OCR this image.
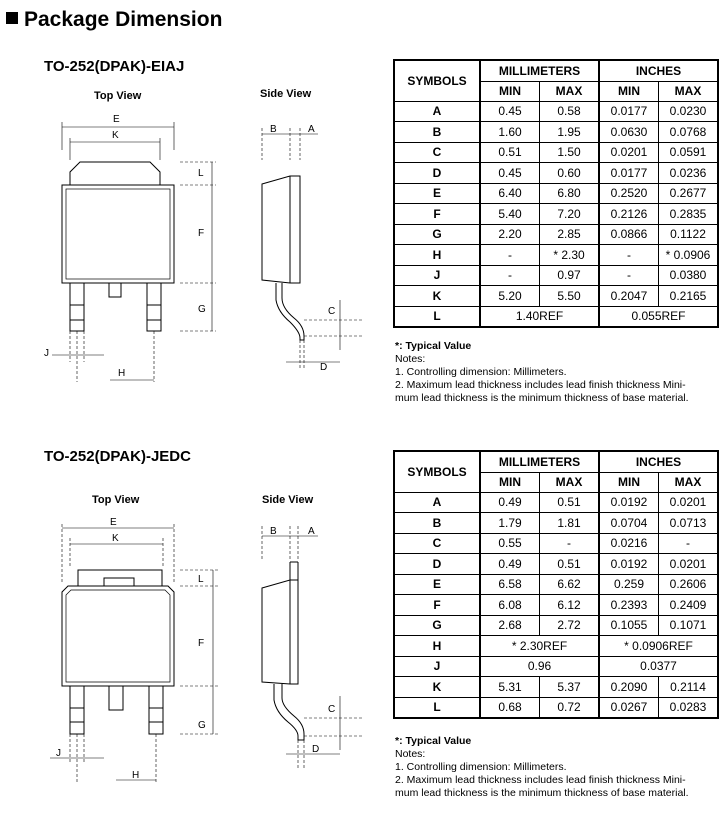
Package Dimension
TO-252(DPAK)-EIAJ
Top View	Side View
E
K
L
F
G
J
H
B	A
C
D
SYMBOLS	MILLIMETERS		INCHES	
	MIN	MAX	MIN	MAX
A	0.45	0.58	0.0177	0.0230
B	1.60	1.95	0.0630	0.0768
C	0.51	1.50	0.0201	0.0591
D	0.45	0.60	0.0177	0.0236
E	6.40	6.80	0.2520	0.2677
F	5.40	7.20	0.2126	0.2835
G	2.20	2.85	0.0866	0.1122
H	-	* 2.30	-	* 0.0906
J	-	0.97	-	0.0380
K	5.20	5.50	0.2047	0.2165
L	1.40REF		0.055REF	
*: Typical Value
Notes:
1. Controlling dimension: Millimeters.
2. Maximum lead thickness includes lead finish thickness Mini-
mum lead thickness is the minimum thickness of base material.
TO-252(DPAK)-JEDC
Top View	Side View
E
K
L
F
G
J
H
B	A
C
D
SYMBOLS	MILLIMETERS		INCHES	
	MIN	MAX	MIN	MAX
A	0.49	0.51	0.0192	0.0201
B	1.79	1.81	0.0704	0.0713
C	0.55	-	0.0216	-
D	0.49	0.51	0.0192	0.0201
E	6.58	6.62	0.259	0.2606
F	6.08	6.12	0.2393	0.2409
G	2.68	2.72	0.1055	0.1071
H	* 2.30REF		* 0.0906REF	
J	0.96		0.0377	
K	5.31	5.37	0.2090	0.2114
L	0.68	0.72	0.0267	0.0283
*: Typical Value
Notes:
1. Controlling dimension: Millimeters.
2. Maximum lead thickness includes lead finish thickness Mini-
mum lead thickness is the minimum thickness of base material.
